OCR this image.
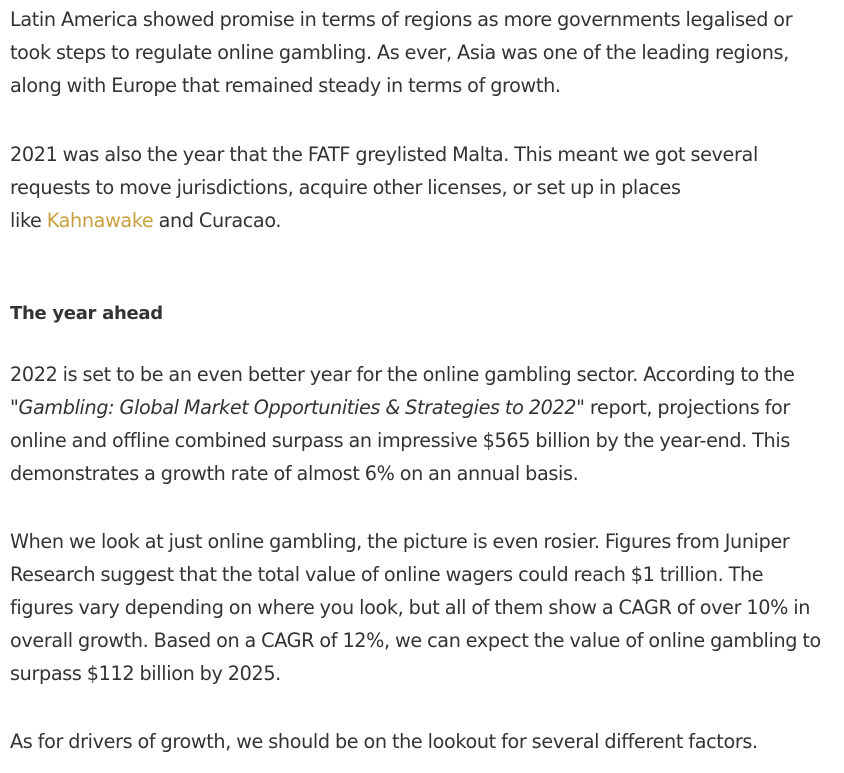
Latin America showed promise in terms of regions as more governments legalised or
took steps to regulate online gambling. As ever, Asia was one of the leading regions,
along with Europe that remained steady in terms of growth.

2021 was also the year that the FATF greylisted Malta. This meant we got several
requests to move jurisdictions, acquire other licenses, or set up in places
like Kahnawake and Curacao.

The year ahead

2022 is set to be an even better year for the online gambling sector. According to the
"Gambling: Global Market Opportunities & Strategies to 2022" report, projections for
online and offline combined surpass an impressive $565 billion by the year-end. This
demonstrates a growth rate of almost 6% on an annual basis.

When we look at just online gambling, the picture is even rosier. Figures from Juniper
Research suggest that the total value of online wagers could reach $1 trillion. The
figures vary depending on where you look, but all of them show a CAGR of over 10% in
overall growth. Based on a CAGR of 12%, we can expect the value of online gambling to
surpass $112 billion by 2025.

As for drivers of growth, we should be on the lookout for several different factors.
